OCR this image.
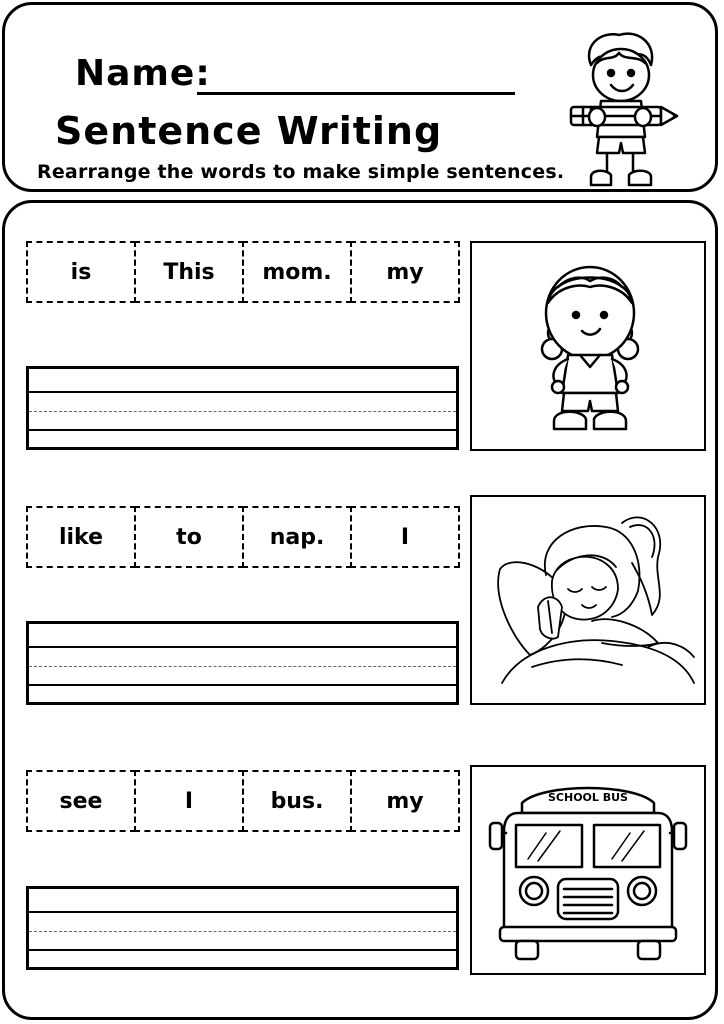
Name:
Sentence Writing
Rearrange the words to make simple sentences.
is	This	mom.	my
like	to	nap.	I
see	I	bus.	my	SCHOOL BUS
